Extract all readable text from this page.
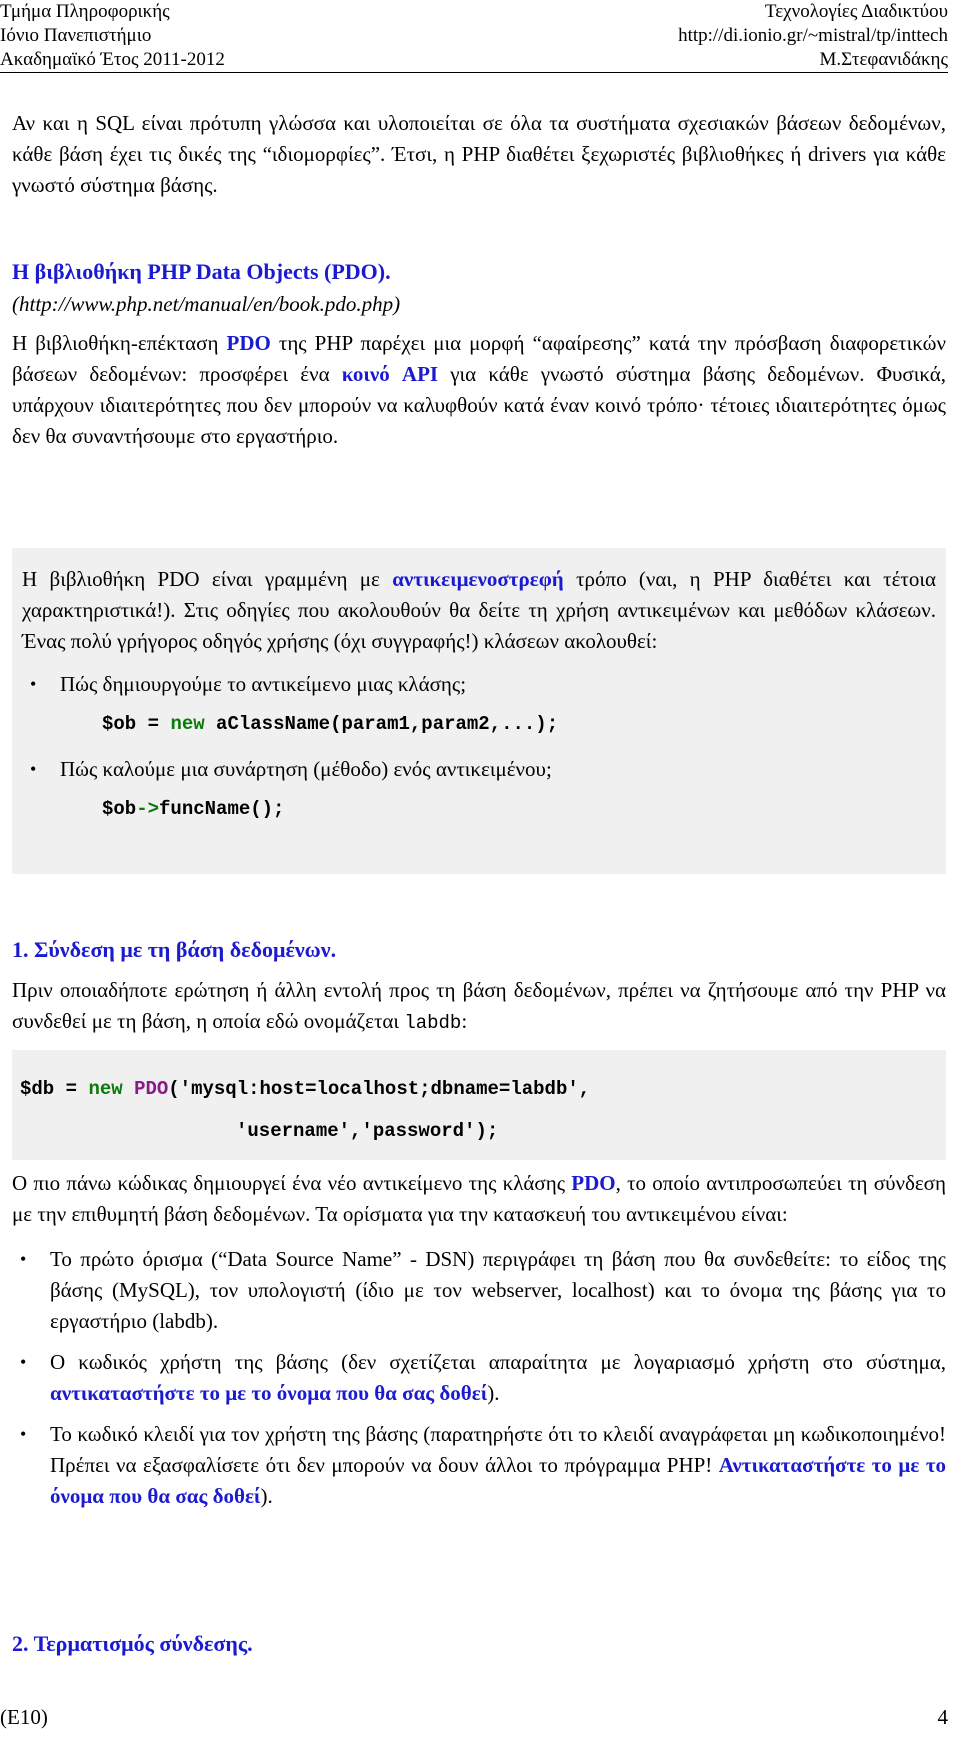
Τμήμα Πληροφορικής
Ιόνιο Πανεπιστήμιο
Ακαδημαϊκό Έτος 2011-2012
Τεχνολογίες Διαδικτύου
http://di.ionio.gr/~mistral/tp/inttech
Μ.Στεφανιδάκης

Αν και η SQL είναι πρότυπη γλώσσα και υλοποιείται σε όλα τα συστήματα σχεσιακών βάσεων δεδομένων, κάθε βάση έχει τις δικές της “ιδιομορφίες”. Έτσι, η PHP διαθέτει ξεχωριστές βιβλιοθήκες ή drivers για κάθε γνωστό σύστημα βάσης.

Η βιβλιοθήκη PHP Data Objects (PDO).

(http://www.php.net/manual/en/book.pdo.php)

Η βιβλιοθήκη-επέκταση PDO της PHP παρέχει μια μορφή “αφαίρεσης” κατά την πρόσβαση διαφορετικών βάσεων δεδομένων: προσφέρει ένα κοινό API για κάθε γνωστό σύστημα βάσης δεδομένων. Φυσικά, υπάρχουν ιδιαιτερότητες που δεν μπορούν να καλυφθούν κατά έναν κοινό τρόπο· τέτοιες ιδιαιτερότητες όμως δεν θα συναντήσουμε στο εργαστήριο.

Η βιβλιοθήκη PDO είναι γραμμένη με αντικειμενοστρεφή τρόπο (ναι, η PHP διαθέτει και τέτοια χαρακτηριστικά!). Στις οδηγίες που ακολουθούν θα δείτε τη χρήση αντικειμένων και μεθόδων κλάσεων. Ένας πολύ γρήγορος οδηγός χρήσης (όχι συγγραφής!) κλάσεων ακολουθεί:

• Πώς δημιουργούμε το αντικείμενο μιας κλάσης;
$ob = new aClassName(param1,param2,...);
• Πώς καλούμε μια συνάρτηση (μέθοδο) ενός αντικειμένου;
$ob->funcName();

1. Σύνδεση με τη βάση δεδομένων.

Πριν οποιαδήποτε ερώτηση ή άλλη εντολή προς τη βάση δεδομένων, πρέπει να ζητήσουμε από την PHP να συνδεθεί με τη βάση, η οποία εδώ ονομάζεται labdb:

$db = new PDO('mysql:host=localhost;dbname=labdb',
'username','password');

Ο πιο πάνω κώδικας δημιουργεί ένα νέο αντικείμενο της κλάσης PDO, το οποίο αντιπροσωπεύει τη σύνδεση με την επιθυμητή βάση δεδομένων. Τα ορίσματα για την κατασκευή του αντικειμένου είναι:

• Το πρώτο όρισμα (“Data Source Name” - DSN) περιγράφει τη βάση που θα συνδεθείτε: το είδος της βάσης (MySQL), τον υπολογιστή (ίδιο με τον webserver, localhost) και το όνομα της βάσης για το εργαστήριο (labdb).
• Ο κωδικός χρήστη της βάσης (δεν σχετίζεται απαραίτητα με λογαριασμό χρήστη στο σύστημα, αντικαταστήστε το με το όνομα που θα σας δοθεί).
• Το κωδικό κλειδί για τον χρήστη της βάσης (παρατηρήστε ότι το κλειδί αναγράφεται μη κωδικοποιημένο! Πρέπει να εξασφαλίσετε ότι δεν μπορούν να δουν άλλοι το πρόγραμμα PHP! Αντικαταστήστε το με το όνομα που θα σας δοθεί).

2. Τερματισμός σύνδεσης.

(E10)	4
